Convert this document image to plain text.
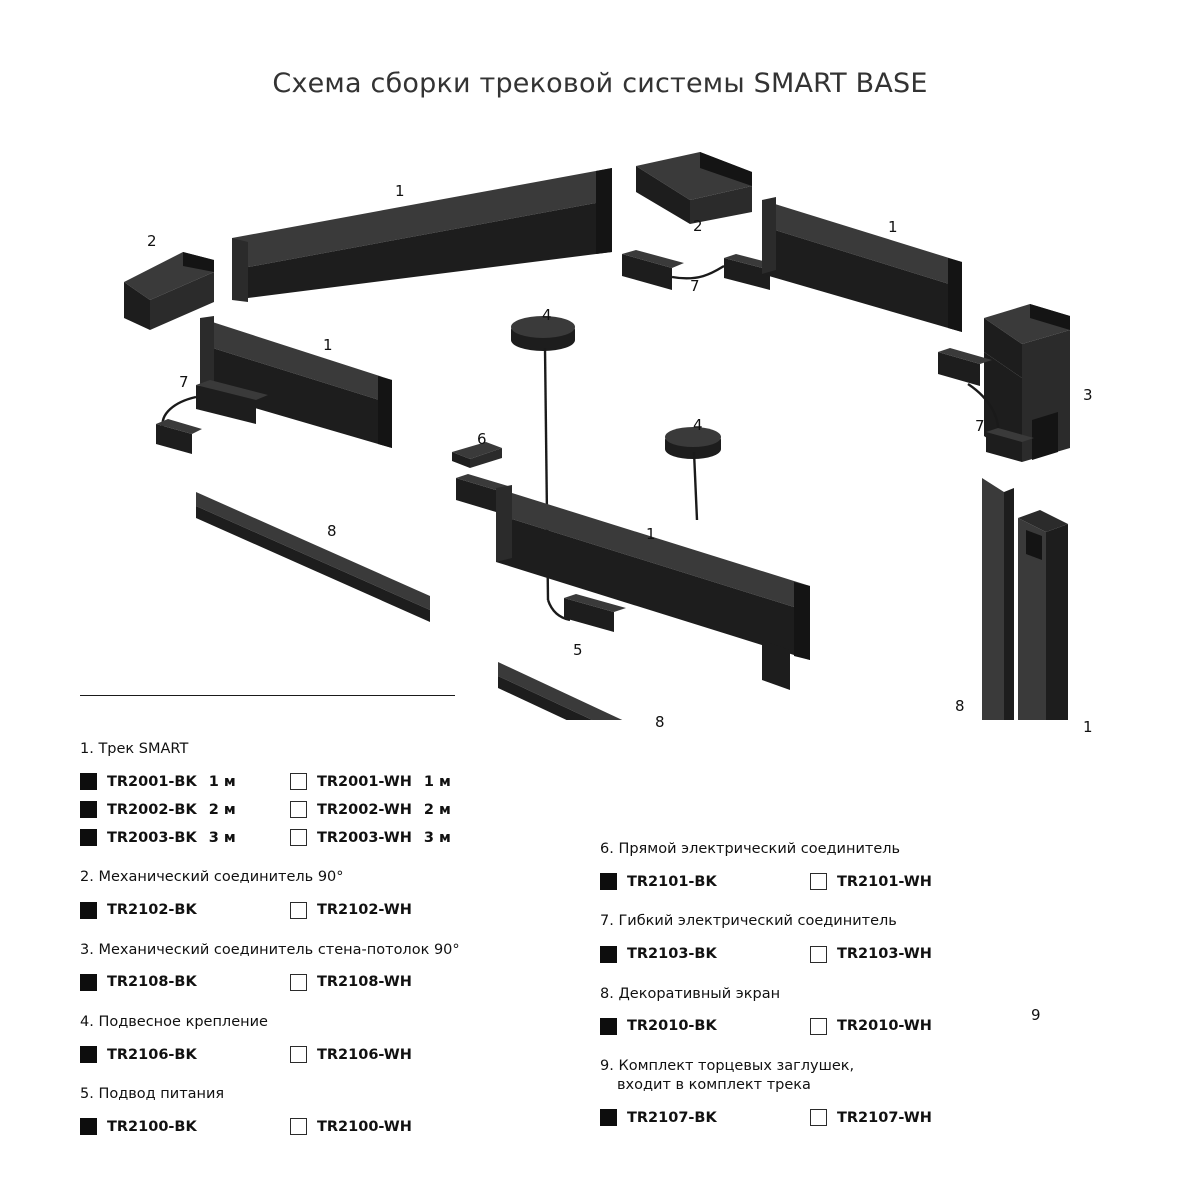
Схема сборки трековой системы SMART BASE
1
2
2	1
7
1
4
7
4
3
7
6
8	1
8
1
5
8
9
1. Трек SMART
TR2001-BK 1 м	TR2001-WH 1 м
TR2002-BK 2 м	TR2002-WH 2 м
TR2003-BK 3 м	TR2003-WH 3 м
2. Механический соединитель 90°
TR2102-BK	TR2102-WH
3. Механический соединитель стена-потолок 90°
TR2108-BK	TR2108-WH
4. Подвесное крепление
TR2106-BK	TR2106-WH
5. Подвод питания
TR2100-BK	TR2100-WH
6. Прямой электрический соединитель
TR2101-BK	TR2101-WH
7. Гибкий электрический соединитель
TR2103-BK	TR2103-WH
8. Декоративный экран
TR2010-BK	TR2010-WH
9. Комплект торцевых заглушек,
входит в комплект трека
TR2107-BK	TR2107-WH
